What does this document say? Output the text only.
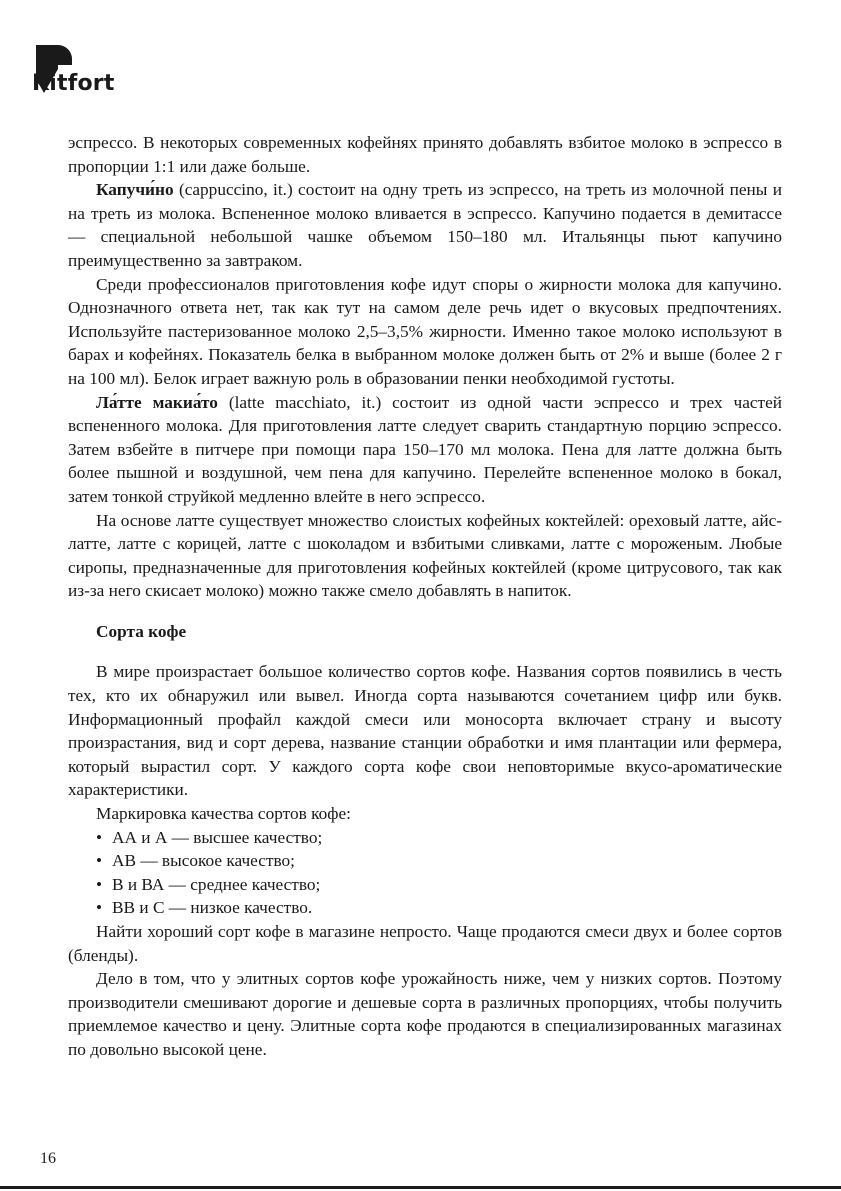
Kitfort

эспрессо. В некоторых современных кофейнях принято добавлять взбитое молоко в эспрессо в пропорции 1:1 или даже больше.

Капучи́но (cappuccino, it.) состоит на одну треть из эспрессо, на треть из молочной пены и на треть из молока. Вспененное молоко вливается в эспрессо. Капучино подается в демитассе — специальной небольшой чашке объемом 150–180 мл. Итальянцы пьют капучино преимущественно за завтраком.

Среди профессионалов приготовления кофе идут споры о жирности молока для капучино. Однозначного ответа нет, так как тут на самом деле речь идет о вкусовых предпочтениях. Используйте пастеризованное молоко 2,5–3,5% жирности. Именно такое молоко используют в барах и кофейнях. Показатель белка в выбранном молоке должен быть от 2% и выше (более 2 г на 100 мл). Белок играет важную роль в образовании пенки необходимой густоты.

Ла́тте макиа́то (latte macchiato, it.) состоит из одной части эспрессо и трех частей вспененного молока. Для приготовления латте следует сварить стандартную порцию эспрессо. Затем взбейте в питчере при помощи пара 150–170 мл молока. Пена для латте должна быть более пышной и воздушной, чем пена для капучино. Перелейте вспененное молоко в бокал, затем тонкой струйкой медленно влейте в него эспрессо.

На основе латте существует множество слоистых кофейных коктейлей: ореховый латте, айс-латте, латте с корицей, латте с шоколадом и взбитыми сливками, латте с мороженым. Любые сиропы, предназначенные для приготовления кофейных коктейлей (кроме цитрусового, так как из-за него скисает молоко) можно также смело добавлять в напиток.

Сорта кофе

В мире произрастает большое количество сортов кофе. Названия сортов появились в честь тех, кто их обнаружил или вывел. Иногда сорта называются сочетанием цифр или букв. Информационный профайл каждой смеси или моносорта включает страну и высоту произрастания, вид и сорт дерева, название станции обработки и имя плантации или фермера, который вырастил сорт. У каждого сорта кофе свои неповторимые вкусо-ароматические характеристики.

Маркировка качества сортов кофе:

• АА и А — высшее качество;
• АВ — высокое качество;
• В и ВА — среднее качество;
• ВВ и С — низкое качество.

Найти хороший сорт кофе в магазине непросто. Чаще продаются смеси двух и более сортов (бленды).

Дело в том, что у элитных сортов кофе урожайность ниже, чем у низких сортов. Поэтому производители смешивают дорогие и дешевые сорта в различных пропорциях, чтобы получить приемлемое качество и цену. Элитные сорта кофе продаются в специализированных магазинах по довольно высокой цене.

16
